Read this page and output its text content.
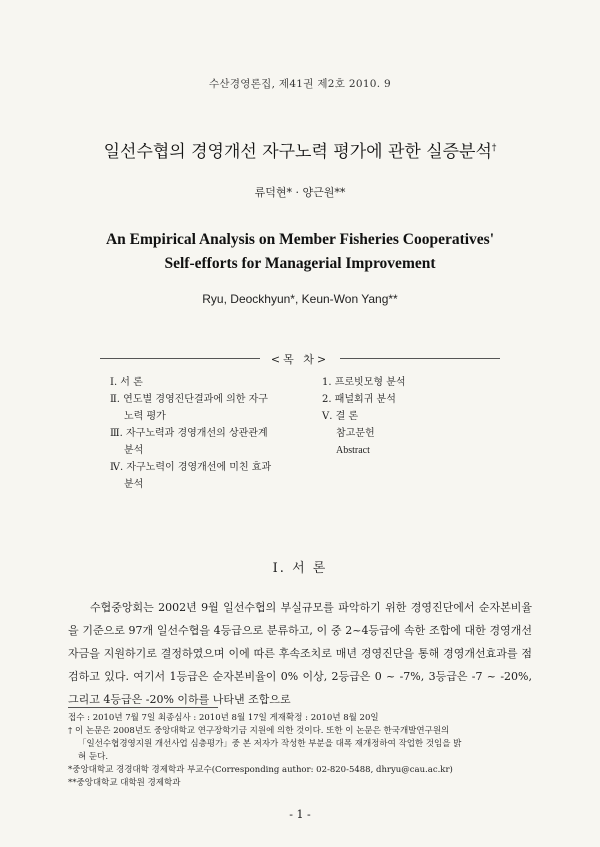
수산경영론집, 제41권 제2호 2010. 9
일선수협의 경영개선 자구노력 평가에 관한 실증분석†
류덕현* · 양근원**
An Empirical Analysis on Member Fisheries Cooperatives'
Self-efforts for Managerial Improvement
Ryu, Deockhyun*, Keun-Won Yang**
<목 차>
Ⅰ. 서 론
Ⅱ. 연도별 경영진단결과에 의한 자구
노력 평가
Ⅲ. 자구노력과 경영개선의 상관관계
분석
Ⅳ. 자구노력이 경영개선에 미친 효과
분석
1. 프로빗모형 분석
2. 패널회귀 분석
Ⅴ. 결 론
참고문헌
Abstract
Ⅰ. 서 론

수협중앙회는 2002년 9월 일선수협의 부실규모를 파악하기 위한 경영진단에서 순자본비율을 기준으로 97개 일선수협을 4등급으로 분류하고, 이 중 2~4등급에 속한 조합에 대한 경영개선자금을 지원하기로 결정하였으며 이에 따른 후속조치로 매년 경영진단을 통해 경영개선효과를 점검하고 있다. 여기서 1등급은 순자본비율이 0% 이상, 2등급은 0 ~ -7%, 3등급은 -7 ~ -20%, 그리고 4등급은 -20% 이하를 나타낸 조합으로

접수 : 2010년 7월 7일 최종심사 : 2010년 8월 17일 게재확정 : 2010년 8월 20일
† 이 논문은 2008년도 중앙대학교 연구장학기금 지원에 의한 것이다. 또한 이 논문은 한국개발연구원의
「일선수협경영지원 개선사업 심층평가」중 본 저자가 작성한 부분을 대폭 재개정하여 작업한 것임을 밝
혀 둔다.
*중앙대학교 경경대학 경제학과 부교수(Corresponding author: 02-820-5488, dhryu@cau.ac.kr)
**중앙대학교 대학원 경제학과
- 1 -
